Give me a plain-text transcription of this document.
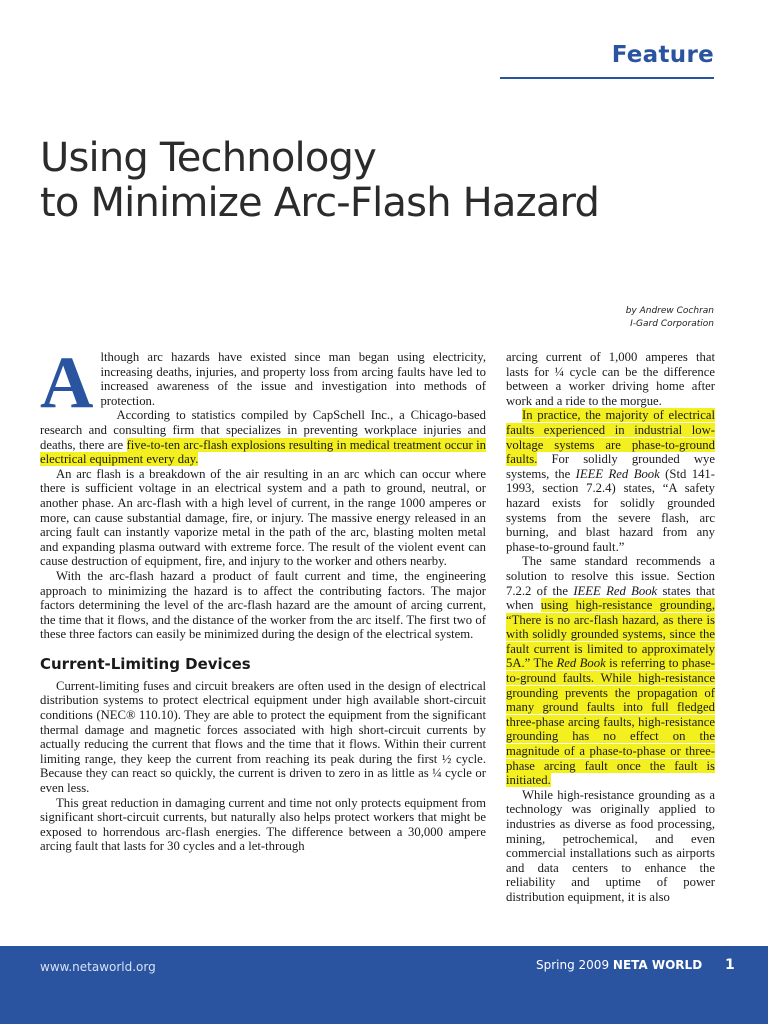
Feature
Using Technology
to Minimize Arc-Flash Hazard
by Andrew Cochran
I-Gard Corporation

Although arc hazards have existed since man began using electricity, increasing deaths, injuries, and property loss from arcing faults have led to increased awareness of the issue and investigation into methods of protection.

According to statistics compiled by CapSchell Inc., a Chicago-based research and consulting firm that specializes in preventing workplace injuries and deaths, there are five-to-ten arc-flash explosions resulting in medical treatment occur in electrical equipment every day.

An arc flash is a breakdown of the air resulting in an arc which can occur where there is sufficient voltage in an electrical system and a path to ground, neutral, or another phase. An arc-flash with a high level of current, in the range 1000 amperes or more, can cause substantial damage, fire, or injury. The massive energy released in an arcing fault can instantly vaporize metal in the path of the arc, blasting molten metal and expanding plasma outward with extreme force. The result of the violent event can cause destruction of equipment, fire, and injury to the worker and others nearby.

With the arc-flash hazard a product of fault current and time, the engineering approach to minimizing the hazard is to affect the contributing factors. The major factors determining the level of the arc-flash hazard are the amount of arcing current, the time that it flows, and the distance of the worker from the arc itself. The first two of these three factors can easily be minimized during the design of the electrical system.

Current-Limiting Devices

Current-limiting fuses and circuit breakers are often used in the design of electrical distribution systems to protect electrical equipment under high available short-circuit conditions (NEC® 110.10). They are able to protect the equipment from the significant thermal damage and magnetic forces associated with high short-circuit currents by actually reducing the current that flows and the time that it flows. Within their current limiting range, they keep the current from reaching its peak during the first ½ cycle. Because they can react so quickly, the current is driven to zero in as little as ¼ cycle or even less.

This great reduction in damaging current and time not only protects equipment from significant short-circuit currents, but naturally also helps protect workers that might be exposed to horrendous arc-flash energies. The difference between a 30,000 ampere arcing fault that lasts for 30 cycles and a let-through

arcing current of 1,000 amperes that lasts for ¼ cycle can be the difference between a worker driving home after work and a ride to the morgue.

In practice, the majority of electrical faults experienced in industrial low-voltage systems are phase-to-ground faults. For solidly grounded wye systems, the IEEE Red Book (Std 141-1993, section 7.2.4) states, “A safety hazard exists for solidly grounded systems from the severe flash, arc burning, and blast hazard from any phase-to-ground fault.”

The same standard recommends a solution to resolve this issue. Section 7.2.2 of the IEEE Red Book states that when using high-resistance grounding, “There is no arc-flash hazard, as there is with solidly grounded systems, since the fault current is limited to approximately 5A.” The Red Book is referring to phase-to-ground faults. While high-resistance grounding prevents the propagation of many ground faults into full fledged three-phase arcing faults, high-resistance grounding has no effect on the magnitude of a phase-to-phase or three-phase arcing fault once the fault is initiated.

While high-resistance grounding as a technology was originally applied to industries as diverse as food processing, mining, petrochemical, and even commercial installations such as airports and data centers to enhance the reliability and uptime of power distribution equipment, it is also

www.netaworld.org	Spring 2009 NETA WORLD 1
